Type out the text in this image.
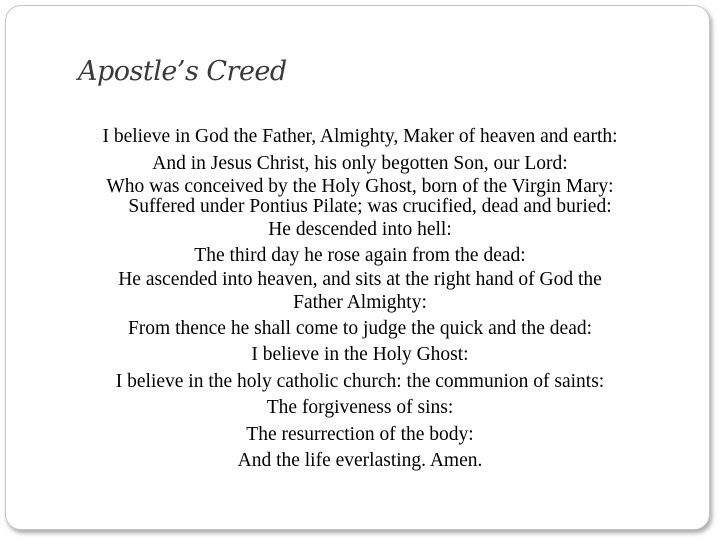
Apostle’s Creed
I believe in God the Father, Almighty, Maker of heaven and earth:
And in Jesus Christ, his only begotten Son, our Lord:
Who was conceived by the Holy Ghost, born of the Virgin Mary:
Suffered under Pontius Pilate; was crucified, dead and buried:
He descended into hell:
The third day he rose again from the dead:
He ascended into heaven, and sits at the right hand of God the
Father Almighty:
From thence he shall come to judge the quick and the dead:
I believe in the Holy Ghost:
I believe in the holy catholic church: the communion of saints:
The forgiveness of sins:
The resurrection of the body:
And the life everlasting. Amen.
